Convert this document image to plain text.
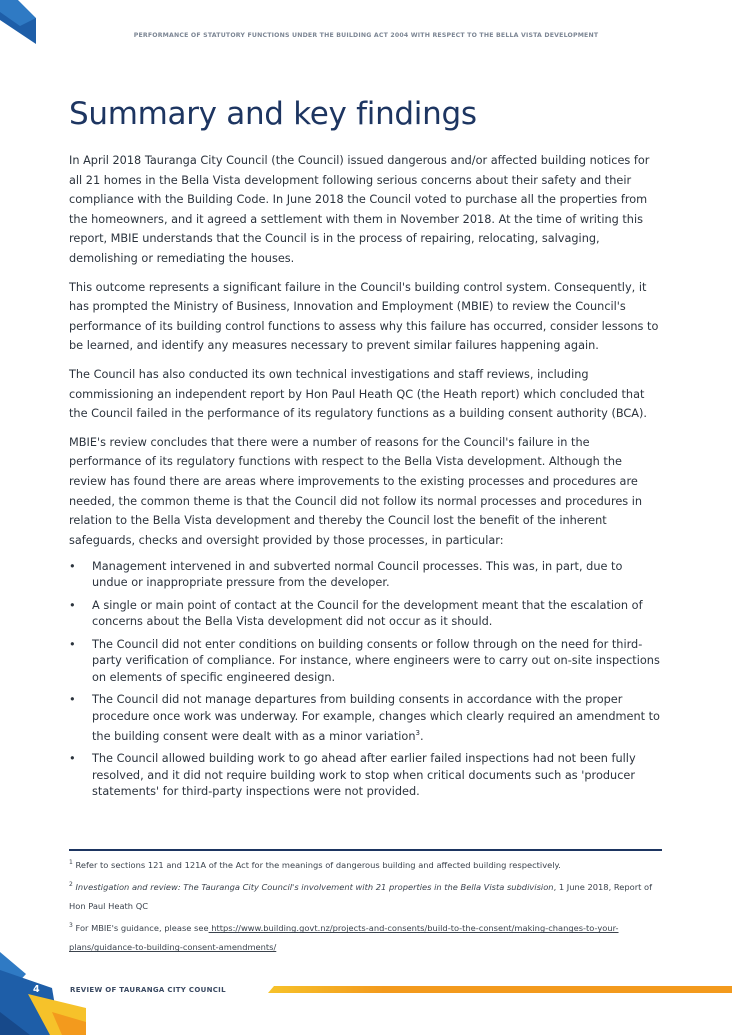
PERFORMANCE OF STATUTORY FUNCTIONS UNDER THE BUILDING ACT 2004 WITH RESPECT TO THE BELLA VISTA DEVELOPMENT
Summary and key findings

In April 2018 Tauranga City Council (the Council) issued dangerous and/or affected building notices for all 21 homes in the Bella Vista development following serious concerns about their safety and their compliance with the Building Code. In June 2018 the Council voted to purchase all the properties from the homeowners, and it agreed a settlement with them in November 2018. At the time of writing this report, MBIE understands that the Council is in the process of repairing, relocating, salvaging, demolishing or remediating the houses.

This outcome represents a significant failure in the Council's building control system. Consequently, it has prompted the Ministry of Business, Innovation and Employment (MBIE) to review the Council's performance of its building control functions to assess why this failure has occurred, consider lessons to be learned, and identify any measures necessary to prevent similar failures happening again.

The Council has also conducted its own technical investigations and staff reviews, including commissioning an independent report by Hon Paul Heath QC (the Heath report) which concluded that the Council failed in the performance of its regulatory functions as a building consent authority (BCA).

MBIE's review concludes that there were a number of reasons for the Council's failure in the performance of its regulatory functions with respect to the Bella Vista development. Although the review has found there are areas where improvements to the existing processes and procedures are needed, the common theme is that the Council did not follow its normal processes and procedures in relation to the Bella Vista development and thereby the Council lost the benefit of the inherent safeguards, checks and oversight provided by those processes, in particular:

• Management intervened in and subverted normal Council processes. This was, in part, due to undue or inappropriate pressure from the developer.
• A single or main point of contact at the Council for the development meant that the escalation of concerns about the Bella Vista development did not occur as it should.
• The Council did not enter conditions on building consents or follow through on the need for third-party verification of compliance. For instance, where engineers were to carry out on-site inspections on elements of specific engineered design.
• The Council did not manage departures from building consents in accordance with the proper procedure once work was underway. For example, changes which clearly required an amendment to the building consent were dealt with as a minor variation$^3$.
• The Council allowed building work to go ahead after earlier failed inspections had not been fully resolved, and it did not require building work to stop when critical documents such as 'producer statements' for third-party inspections were not provided.
$^1$ Refer to sections 121 and 121A of the Act for the meanings of dangerous building and affected building respectively.
$^2$ Investigation and review: The Tauranga City Council's involvement with 21 properties in the Bella Vista subdivision, 1 June 2018, Report of Hon Paul Heath QC
$^3$ For MBIE's guidance, please see https://www.building.govt.nz/projects-and-consents/build-to-the-consent/making-changes-to-your-plans/guidance-to-building-consent-amendments/
4	REVIEW OF TAURANGA CITY COUNCIL
